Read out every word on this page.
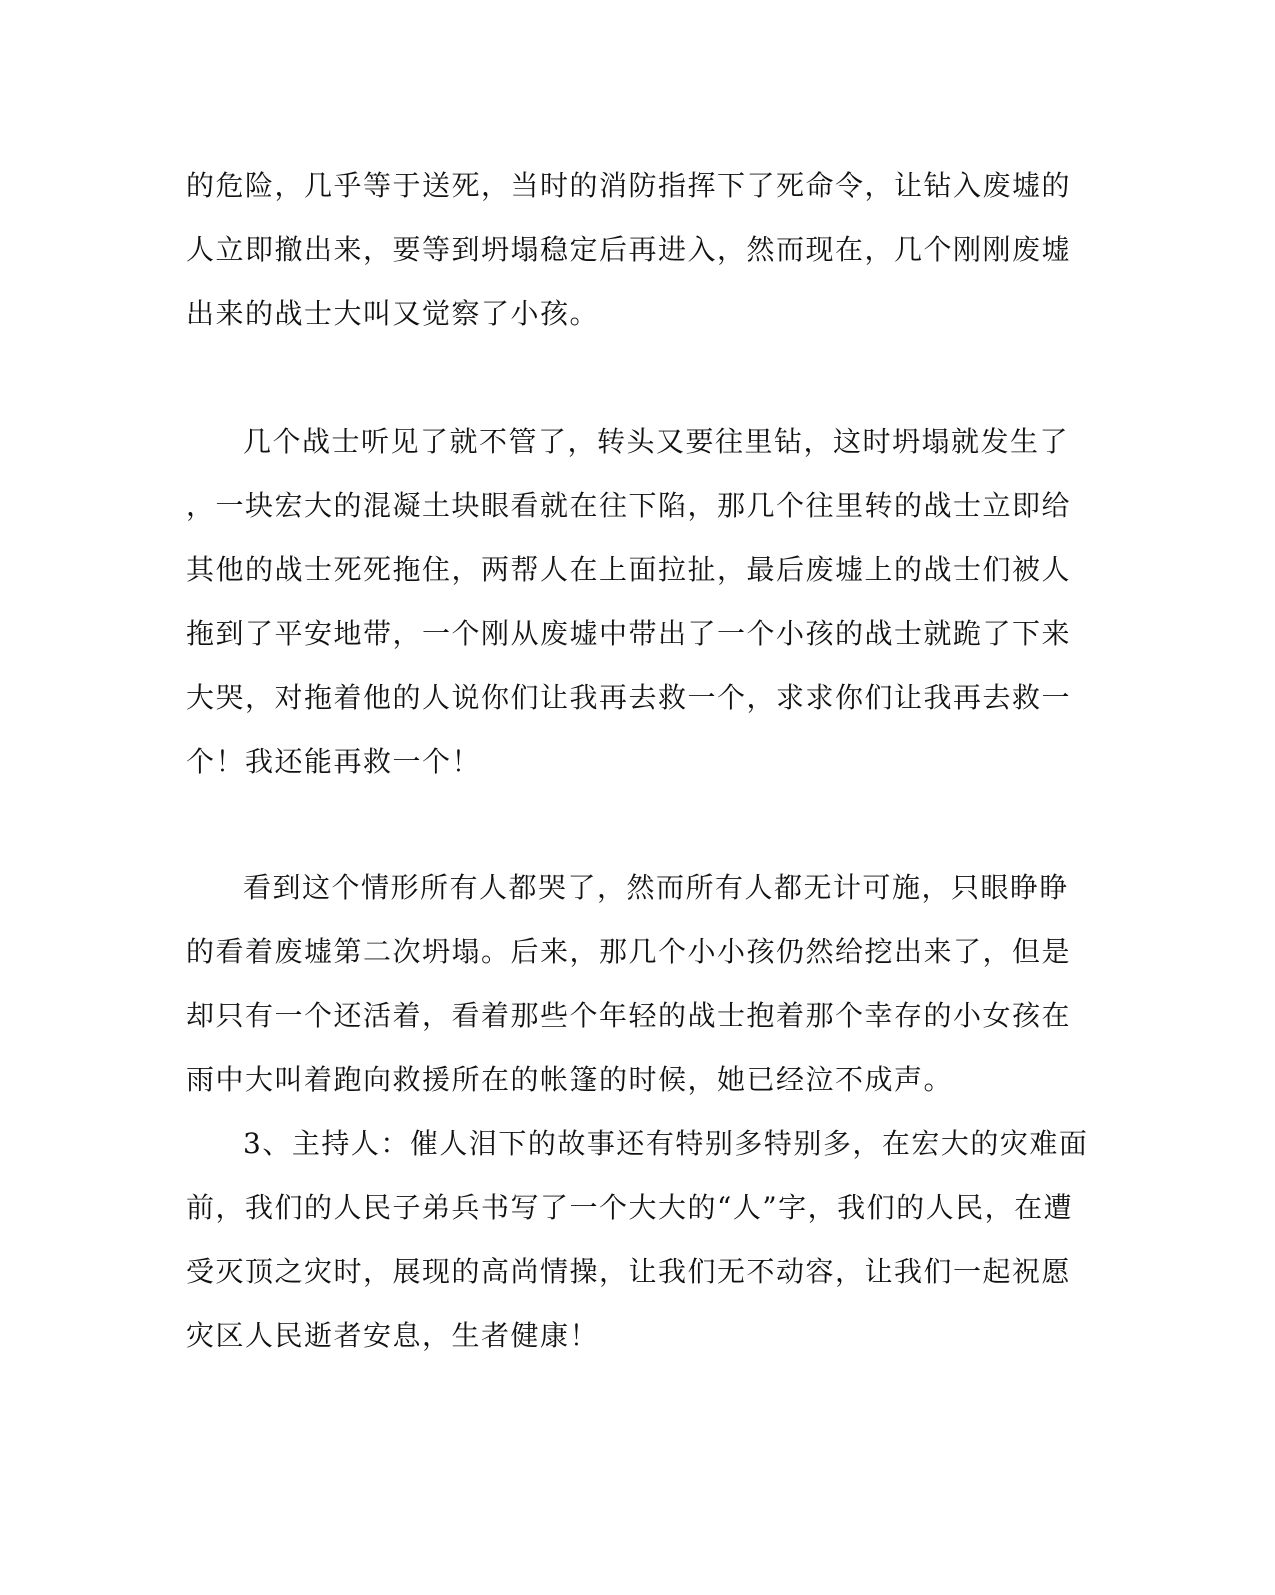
的危险，几乎等于送死，当时的消防指挥下了死命令，让钻入废墟的
人立即撤出来，要等到坍塌稳定后再进入，然而现在，几个刚刚废墟
出来的战士大叫又觉察了小孩。
几个战士听见了就不管了，转头又要往里钻，这时坍塌就发生了
，一块宏大的混凝土块眼看就在往下陷，那几个往里转的战士立即给
其他的战士死死拖住，两帮人在上面拉扯，最后废墟上的战士们被人
拖到了平安地带，一个刚从废墟中带出了一个小孩的战士就跪了下来
大哭，对拖着他的人说你们让我再去救一个，求求你们让我再去救一
个！我还能再救一个！
看到这个情形所有人都哭了，然而所有人都无计可施，只眼睁睁
的看着废墟第二次坍塌。后来，那几个小小孩仍然给挖出来了，但是
却只有一个还活着，看着那些个年轻的战士抱着那个幸存的小女孩在
雨中大叫着跑向救援所在的帐篷的时候，她已经泣不成声。
3、主持人：催人泪下的故事还有特别多特别多，在宏大的灾难面
前，我们的人民子弟兵书写了一个大大的“人”字，我们的人民，在遭
受灭顶之灾时，展现的高尚情操，让我们无不动容，让我们一起祝愿
灾区人民逝者安息，生者健康！
